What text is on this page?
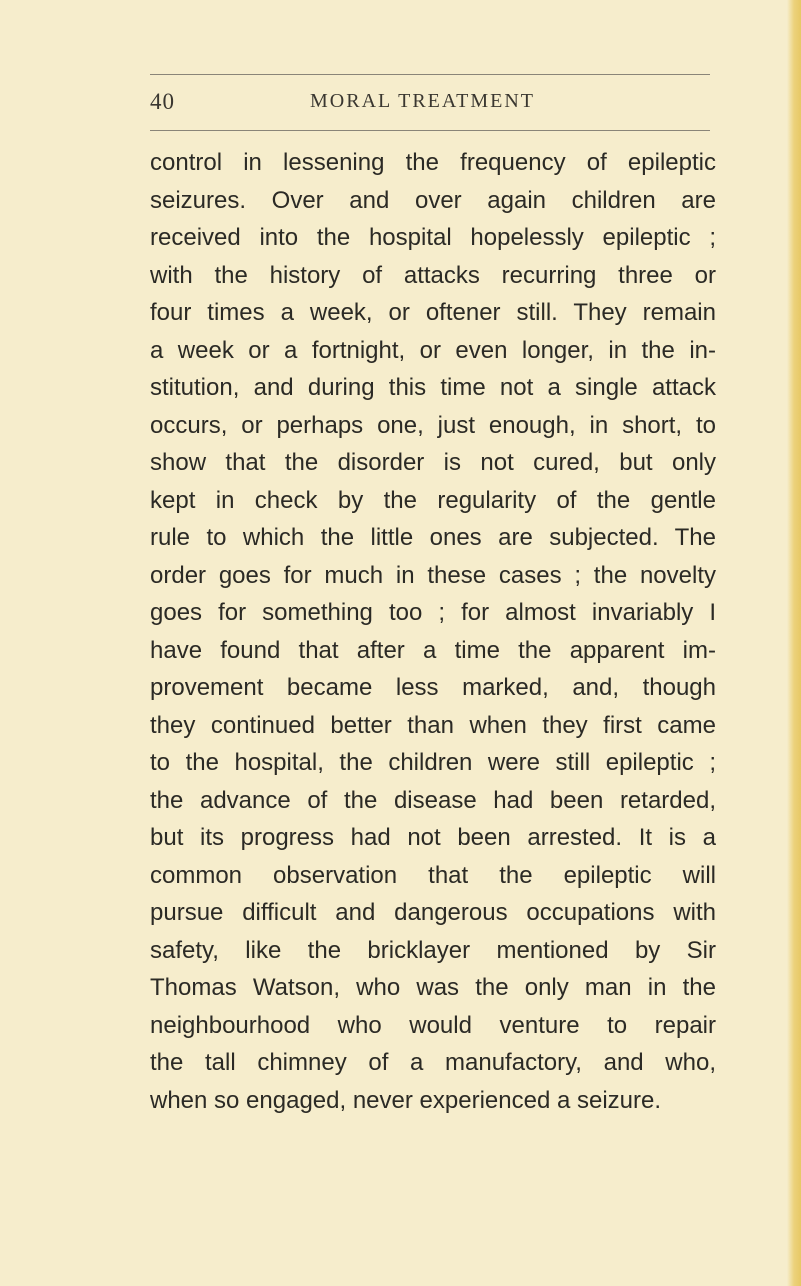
40	MORAL TREATMENT
control in lessening the frequency of epileptic
seizures. Over and over again children are
received into the hospital hopelessly epileptic ;
with the history of attacks recurring three or
four times a week, or oftener still. They remain
a week or a fortnight, or even longer, in the in-
stitution, and during this time not a single attack
occurs, or perhaps one, just enough, in short, to
show that the disorder is not cured, but only
kept in check by the regularity of the gentle
rule to which the little ones are subjected. The
order goes for much in these cases ; the novelty
goes for something too ; for almost invariably I
have found that after a time the apparent im-
provement became less marked, and, though
they continued better than when they first came
to the hospital, the children were still epileptic ;
the advance of the disease had been retarded,
but its progress had not been arrested. It is a
common observation that the epileptic will
pursue difficult and dangerous occupations with
safety, like the bricklayer mentioned by Sir
Thomas Watson, who was the only man in the
neighbourhood who would venture to repair
the tall chimney of a manufactory, and who,
when so engaged, never experienced a seizure.
